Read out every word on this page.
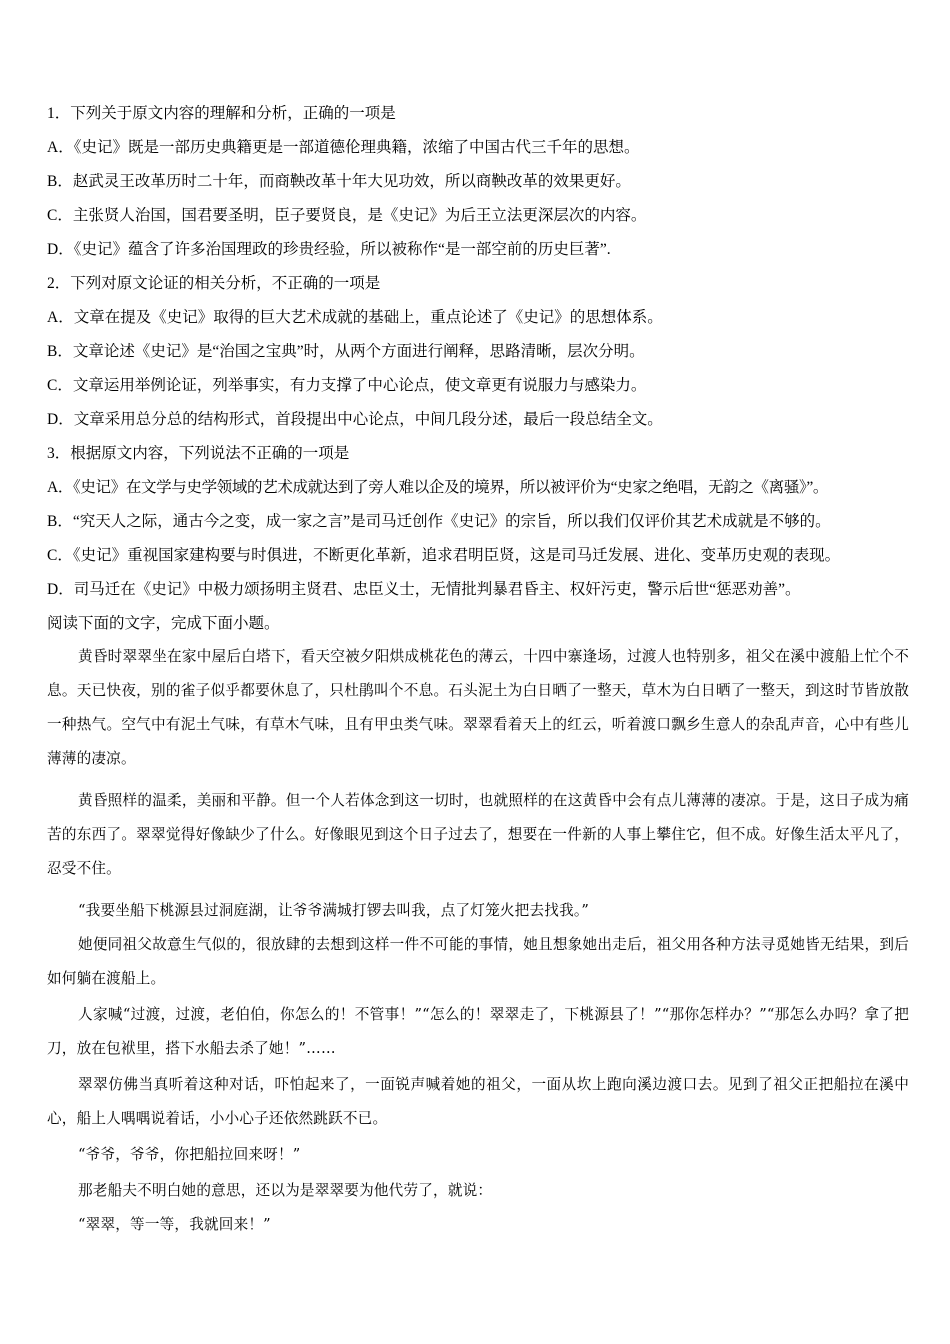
1．下列关于原文内容的理解和分析，正确的一项是
A．《史记》既是一部历史典籍更是一部道德伦理典籍，浓缩了中国古代三千年的思想。
B．赵武灵王改革历时二十年，而商鞅改革十年大见功效，所以商鞅改革的效果更好。
C．主张贤人治国，国君要圣明，臣子要贤良，是《史记》为后王立法更深层次的内容。
D．《史记》蕴含了许多治国理政的珍贵经验，所以被称作“是一部空前的历史巨著”.
2．下列对原文论证的相关分析，不正确的一项是
A．文章在提及《史记》取得的巨大艺术成就的基础上，重点论述了《史记》的思想体系。
B．文章论述《史记》是“治国之宝典”时，从两个方面进行阐释，思路清晰，层次分明。
C．文章运用举例论证，列举事实，有力支撑了中心论点，使文章更有说服力与感染力。
D．文章采用总分总的结构形式，首段提出中心论点，中间几段分述，最后一段总结全文。
3．根据原文内容，下列说法不正确的一项是
A．《史记》在文学与史学领域的艺术成就达到了旁人难以企及的境界，所以被评价为“史家之绝唱，无韵之《离骚》”。
B．“究天人之际，通古今之变，成一家之言”是司马迁创作《史记》的宗旨，所以我们仅评价其艺术成就是不够的。
C．《史记》重视国家建构要与时俱进，不断更化革新，追求君明臣贤，这是司马迁发展、进化、变革历史观的表现。
D．司马迁在《史记》中极力颂扬明主贤君、忠臣义士，无情批判暴君昏主、权奸污吏，警示后世“惩恶劝善”。
阅读下面的文字，完成下面小题。
黄昏时翠翠坐在家中屋后白塔下，看天空被夕阳烘成桃花色的薄云，十四中寨逢场，过渡人也特别多，祖父在溪中渡船上忙个不息。天已快夜，别的雀子似乎都要休息了，只杜鹃叫个不息。石头泥土为白日晒了一整天，草木为白日晒了一整天，到这时节皆放散一种热气。空气中有泥土气味，有草木气味，且有甲虫类气味。翠翠看着天上的红云，听着渡口飘乡生意人的杂乱声音，心中有些儿薄薄的凄凉。
黄昏照样的温柔，美丽和平静。但一个人若体念到这一切时，也就照样的在这黄昏中会有点儿薄薄的凄凉。于是，这日子成为痛苦的东西了。翠翠觉得好像缺少了什么。好像眼见到这个日子过去了，想要在一件新的人事上攀住它，但不成。好像生活太平凡了，忍受不住。
“我要坐船下桃源县过洞庭湖，让爷爷满城打锣去叫我，点了灯笼火把去找我。”
她便同祖父故意生气似的，很放肆的去想到这样一件不可能的事情，她且想象她出走后，祖父用各种方法寻觅她皆无结果，到后如何躺在渡船上。
人家喊“过渡，过渡，老伯伯，你怎么的！不管事！”“怎么的！翠翠走了，下桃源县了！”“那你怎样办？”“那怎么办吗？拿了把刀，放在包袱里，搭下水船去杀了她！”……
翠翠仿佛当真听着这种对话，吓怕起来了，一面锐声喊着她的祖父，一面从坎上跑向溪边渡口去。见到了祖父正把船拉在溪中心，船上人喁喁说着话，小小心子还依然跳跃不已。
“爷爷，爷爷，你把船拉回来呀！”
那老船夫不明白她的意思，还以为是翠翠要为他代劳了，就说：
“翠翠，等一等，我就回来！”
